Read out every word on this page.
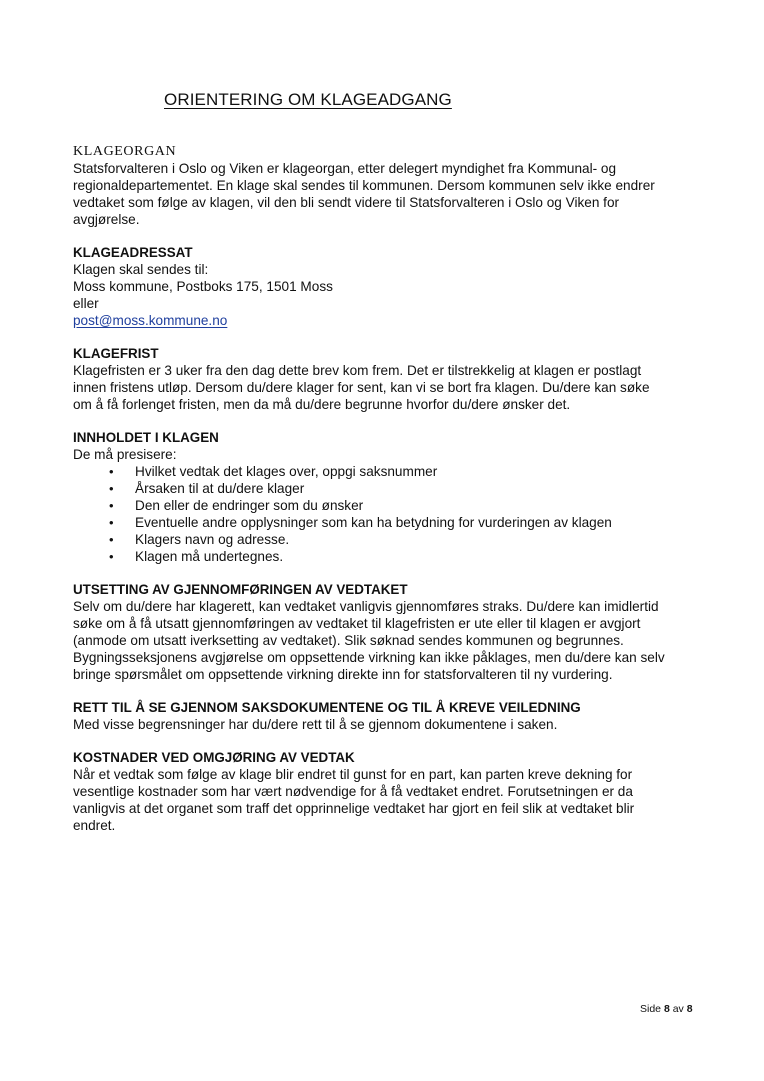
ORIENTERING OM KLAGEADGANG
KLAGEORGAN

Statsforvalteren i Oslo og Viken er klageorgan, etter delegert myndighet fra Kommunal- og
regionaldepartementet. En klage skal sendes til kommunen. Dersom kommunen selv ikke endrer
vedtaket som følge av klagen, vil den bli sendt videre til Statsforvalteren i Oslo og Viken for
avgjørelse.

KLAGEADRESSAT

Klagen skal sendes til:
Moss kommune, Postboks 175, 1501 Moss
eller
post@moss.kommune.no

KLAGEFRIST

Klagefristen er 3 uker fra den dag dette brev kom frem. Det er tilstrekkelig at klagen er postlagt
innen fristens utløp. Dersom du/dere klager for sent, kan vi se bort fra klagen. Du/dere kan søke
om å få forlenget fristen, men da må du/dere begrunne hvorfor du/dere ønsker det.

INNHOLDET I KLAGEN

De må presisere:

• Hvilket vedtak det klages over, oppgi saksnummer
• Årsaken til at du/dere klager
• Den eller de endringer som du ønsker
• Eventuelle andre opplysninger som kan ha betydning for vurderingen av klagen
• Klagers navn og adresse.
• Klagen må undertegnes.
UTSETTING AV GJENNOMFØRINGEN AV VEDTAKET

Selv om du/dere har klagerett, kan vedtaket vanligvis gjennomføres straks. Du/dere kan imidlertid
søke om å få utsatt gjennomføringen av vedtaket til klagefristen er ute eller til klagen er avgjort
(anmode om utsatt iverksetting av vedtaket). Slik søknad sendes kommunen og begrunnes.
Bygningsseksjonens avgjørelse om oppsettende virkning kan ikke påklages, men du/dere kan selv
bringe spørsmålet om oppsettende virkning direkte inn for statsforvalteren til ny vurdering.

RETT TIL Å SE GJENNOM SAKSDOKUMENTENE OG TIL Å KREVE VEILEDNING

Med visse begrensninger har du/dere rett til å se gjennom dokumentene i saken.

KOSTNADER VED OMGJØRING AV VEDTAK

Når et vedtak som følge av klage blir endret til gunst for en part, kan parten kreve dekning for
vesentlige kostnader som har vært nødvendige for å få vedtaket endret. Forutsetningen er da
vanligvis at det organet som traff det opprinnelige vedtaket har gjort en feil slik at vedtaket blir
endret.

Side 8 av 8
